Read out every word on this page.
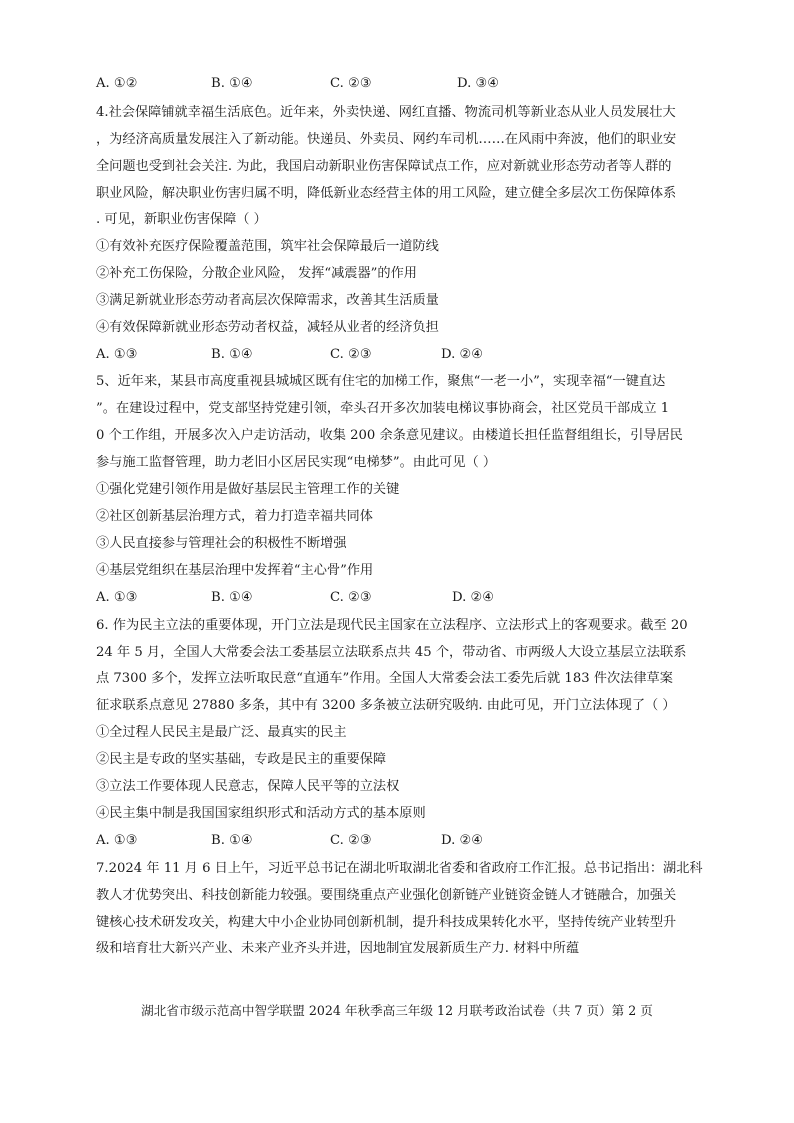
A. ①②	B. ①④	C. ②③	D. ③④
4.社会保障铺就幸福生活底色。近年来，外卖快递、网红直播、物流司机等新业态从业人员发展壮大
，为经济高质量发展注入了新动能。快递员、外卖员、网约车司机……在风雨中奔波，他们的职业安
全问题也受到社会关注. 为此，我国启动新职业伤害保障试点工作，应对新就业形态劳动者等人群的
职业风险，解决职业伤害归属不明，降低新业态经营主体的用工风险，建立健全多层次工伤保障体系
. 可见，新职业伤害保障（ ）
①有效补充医疗保险覆盖范围，筑牢社会保障最后一道防线
②补充工伤保险，分散企业风险， 发挥“减震器”的作用
③满足新就业形态劳动者高层次保障需求，改善其生活质量
④有效保障新就业形态劳动者权益，减轻从业者的经济负担
A. ①③	B. ①④	C. ②③	D. ②④
5、近年来，某县市高度重视县城城区既有住宅的加梯工作，聚焦“一老一小”，实现幸福“一键直达
”。在建设过程中，党支部坚持党建引领，牵头召开多次加装电梯议事协商会，社区党员干部成立 1
0 个工作组，开展多次入户走访活动，收集 200 余条意见建议。由楼道长担任监督组组长，引导居民
参与施工监督管理，助力老旧小区居民实现“电梯梦”。由此可见（ ）
①强化党建引领作用是做好基层民主管理工作的关键
②社区创新基层治理方式，着力打造幸福共同体
③人民直接参与管理社会的积极性不断增强
④基层党组织在基层治理中发挥着“主心骨”作用
A. ①③	B. ①④	C. ②③	D. ②④
6. 作为民主立法的重要体现，开门立法是现代民主国家在立法程序、立法形式上的客观要求。截至 20
24 年 5 月，全国人大常委会法工委基层立法联系点共 45 个，带动省、市两级人大设立基层立法联系
点 7300 多个，发挥立法听取民意“直通车”作用。全国人大常委会法工委先后就 183 件次法律草案
征求联系点意见 27880 多条，其中有 3200 多条被立法研究吸纳. 由此可见，开门立法体现了（ ）
①全过程人民民主是最广泛、最真实的民主
②民主是专政的坚实基础，专政是民主的重要保障
③立法工作要体现人民意志，保障人民平等的立法权
④民主集中制是我国国家组织形式和活动方式的基本原则
A. ①③	B. ①④	C. ②③	D. ②④
7.2024 年 11 月 6 日上午，习近平总书记在湖北听取湖北省委和省政府工作汇报。总书记指出：湖北科
教人才优势突出、科技创新能力较强。要围绕重点产业强化创新链产业链资金链人才链融合，加强关
键核心技术研发攻关，构建大中小企业协同创新机制，提升科技成果转化水平，坚持传统产业转型升
级和培育壮大新兴产业、未来产业齐头并进，因地制宜发展新质生产力. 材料中所蕴
湖北省市级示范高中智学联盟 2024 年秋季高三年级 12 月联考政治试卷（共 7 页）第 2 页
